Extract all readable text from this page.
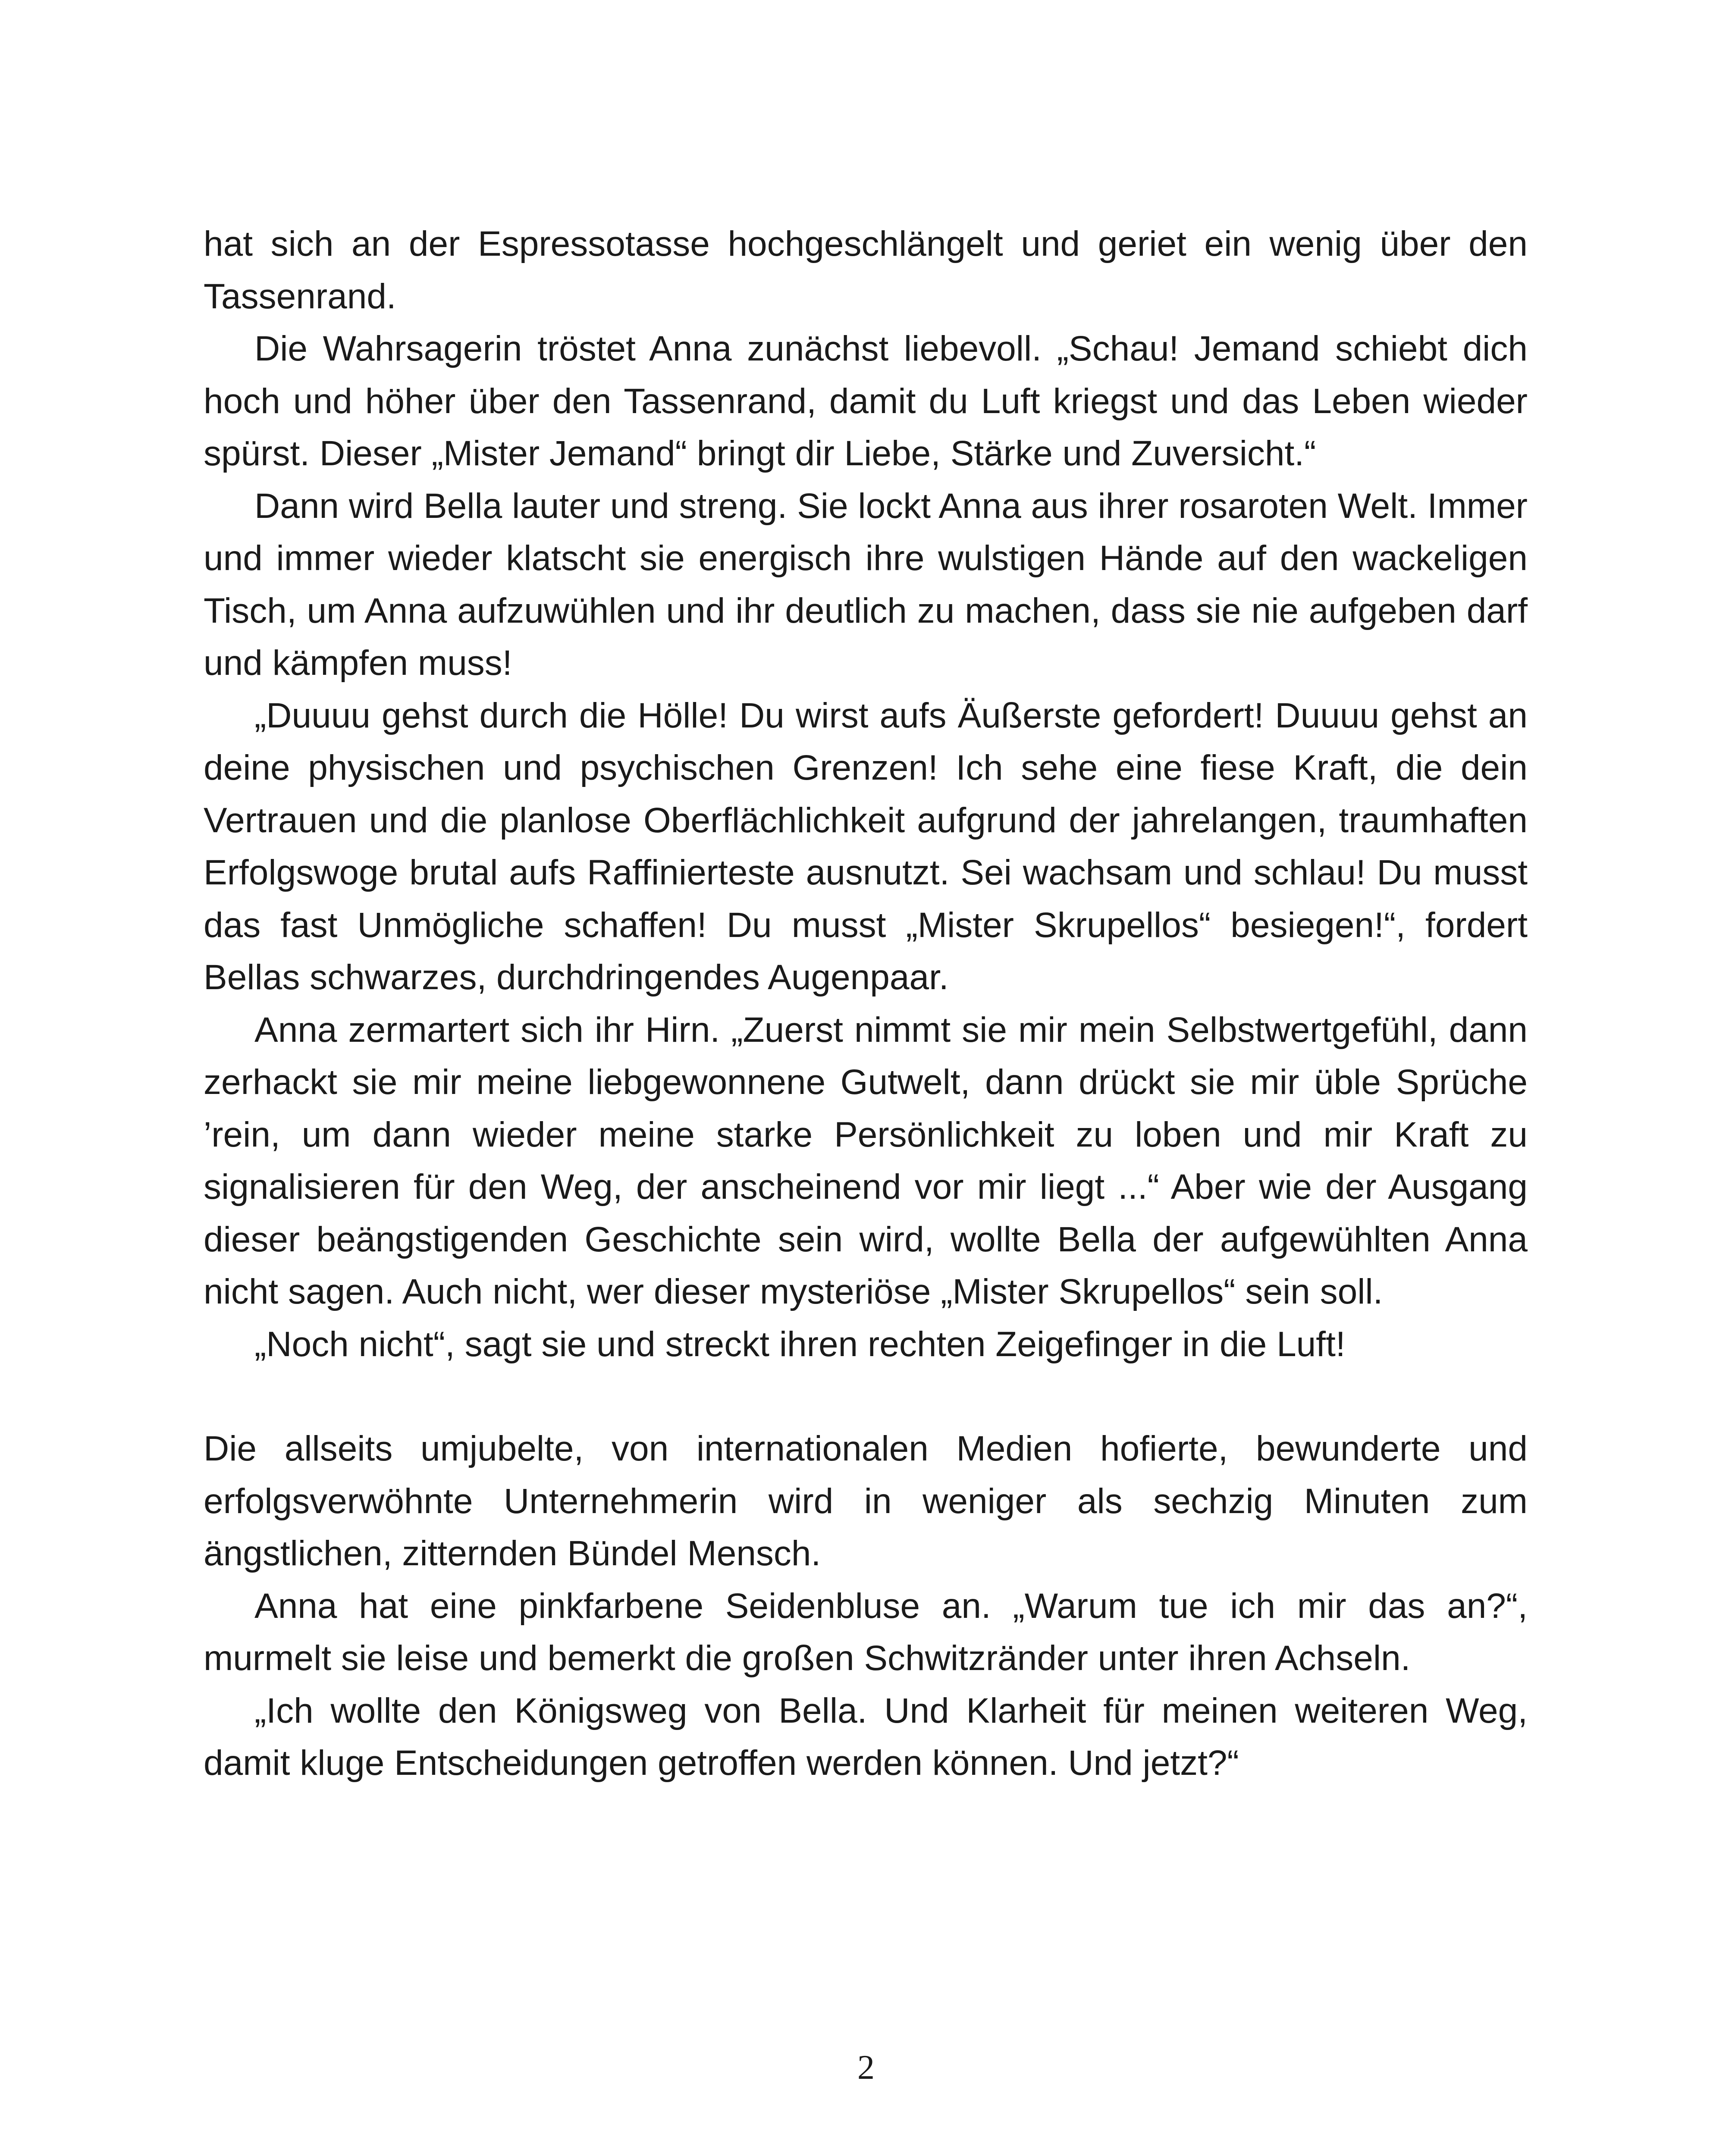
hat sich an der Espressotasse hochgeschlängelt und geriet ein wenig über den Tassenrand.

Die Wahrsagerin tröstet Anna zunächst liebevoll. „Schau! Jemand schiebt dich hoch und höher über den Tassenrand, damit du Luft kriegst und das Leben wieder spürst. Dieser „Mister Jemand“ bringt dir Liebe, Stärke und Zuversicht.“

Dann wird Bella lauter und streng. Sie lockt Anna aus ihrer rosaroten Welt. Immer und immer wieder klatscht sie energisch ihre wulstigen Hände auf den wackeligen Tisch, um Anna aufzuwühlen und ihr deutlich zu machen, dass sie nie aufgeben darf und kämpfen muss!

„Duuuu gehst durch die Hölle! Du wirst aufs Äußerste gefordert! Duuuu gehst an deine physischen und psychischen Grenzen! Ich sehe eine fiese Kraft, die dein Vertrauen und die planlose Oberflächlichkeit aufgrund der jahrelangen, traumhaften Erfolgswoge brutal aufs Raffinierteste ausnutzt. Sei wachsam und schlau! Du musst das fast Unmögliche schaffen! Du musst „Mister Skrupellos“ besiegen!“, fordert Bellas schwarzes, durchdringendes Augenpaar.

Anna zermartert sich ihr Hirn. „Zuerst nimmt sie mir mein Selbstwertgefühl, dann zerhackt sie mir meine liebgewonnene Gutwelt, dann drückt sie mir üble Sprüche ’rein, um dann wieder meine starke Persönlichkeit zu loben und mir Kraft zu signalisieren für den Weg, der anscheinend vor mir liegt ...“ Aber wie der Ausgang dieser beängstigenden Geschichte sein wird, wollte Bella der aufgewühlten Anna nicht sagen. Auch nicht, wer dieser mysteriöse „Mister Skrupellos“ sein soll.

„Noch nicht“, sagt sie und streckt ihren rechten Zeigefinger in die Luft!

Die allseits umjubelte, von internationalen Medien hofierte, bewunderte und erfolgsverwöhnte Unternehmerin wird in weniger als sechzig Minuten zum ängstlichen, zitternden Bündel Mensch.

Anna hat eine pinkfarbene Seidenbluse an. „Warum tue ich mir das an?“, murmelt sie leise und bemerkt die großen Schwitzränder unter ihren Achseln.

„Ich wollte den Königsweg von Bella. Und Klarheit für meinen weiteren Weg, damit kluge Entscheidungen getroffen werden können. Und jetzt?“

2
